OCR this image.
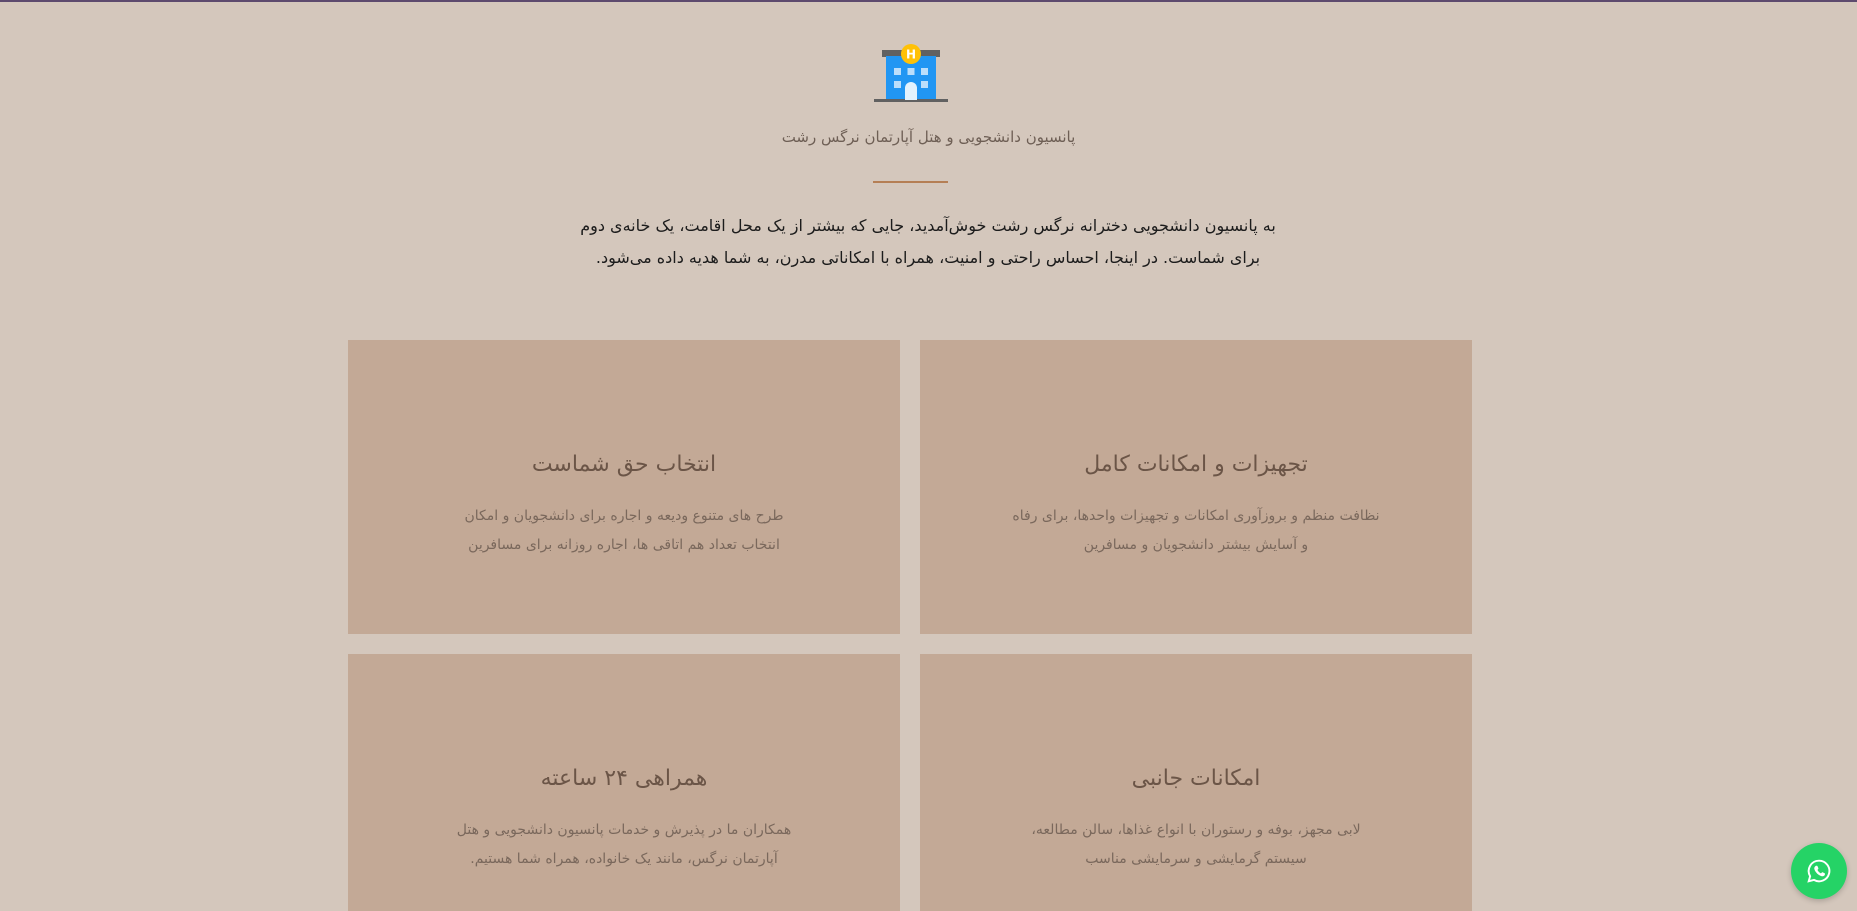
H
پانسیون دانشجویی و هتل آپارتمان نرگس رشت
به پانسیون دانشجویی دخترانه نرگس رشت خوش‌آمدید، جایی که بیشتر از یک محل اقامت، یک خانه‌ی دوم
برای شماست. در اینجا، احساس راحتی و امنیت، همراه با امکاناتی مدرن، به شما هدیه داده می‌شود.
تجهیزات و امکانات کامل
نظافت منظم و بروزآوری امکانات و تجهیزات واحدها، برای رفاه
و آسایش بیشتر دانشجویان و مسافرین
انتخاب حق شماست
طرح های متنوع ودیعه و اجاره برای دانشجویان و امکان
انتخاب تعداد هم اتاقی ها، اجاره روزانه برای مسافرین
امکانات جانبی
لابی مجهز، بوفه و رستوران با انواع غذاها، سالن مطالعه،
سیستم گرمایشی و سرمایشی مناسب
همراهی ۲۴ ساعته
همکاران ما در پذیرش و خدمات پانسیون دانشجویی و هتل
آپارتمان نرگس، مانند یک خانواده، همراه شما هستیم.
